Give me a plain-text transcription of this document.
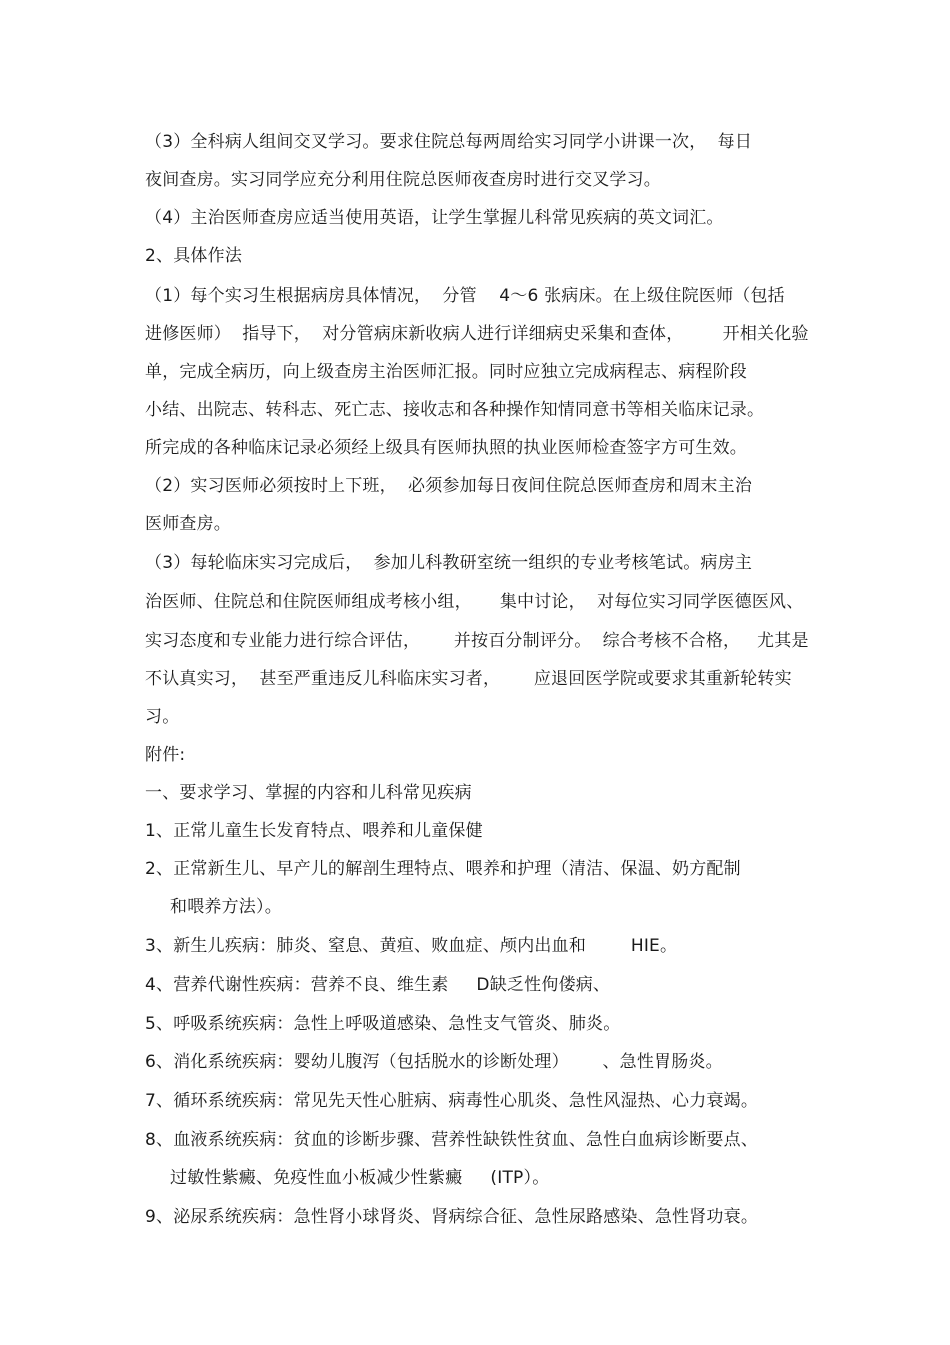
（3）全科病人组间交叉学习。要求住院总每两周给实习同学小讲课一次，  每日
夜间查房。实习同学应充分利用住院总医师夜查房时进行交叉学习。
（4）主治医师查房应适当使用英语，让学生掌握儿科常见疾病的英文词汇。
2、具体作法
（1）每个实习生根据病房具体情况，  分管    4～6 张病床。在上级住院医师（包括
进修医师）  指导下，  对分管病床新收病人进行详细病史采集和查体，       开相关化验
单，完成全病历，向上级查房主治医师汇报。同时应独立完成病程志、病程阶段
小结、出院志、转科志、死亡志、接收志和各种操作知情同意书等相关临床记录。
所完成的各种临床记录必须经上级具有医师执照的执业医师检查签字方可生效。
（2）实习医师必须按时上下班，  必须参加每日夜间住院总医师查房和周末主治
医师查房。
（3）每轮临床实习完成后，  参加儿科教研室统一组织的专业考核笔试。病房主
治医师、住院总和住院医师组成考核小组，     集中讨论，  对每位实习同学医德医风、
实习态度和专业能力进行综合评估，      并按百分制评分。  综合考核不合格，   尤其是
不认真实习，  甚至严重违反儿科临床实习者，      应退回医学院或要求其重新轮转实
习。
附件:
一、要求学习、掌握的内容和儿科常见疾病
1、正常儿童生长发育特点、喂养和儿童保健
2、正常新生儿、早产儿的解剖生理特点、喂养和护理（清洁、保温、奶方配制
和喂养方法）。
3、新生儿疾病：肺炎、窒息、黄疸、败血症、颅内出血和        HIE。
4、营养代谢性疾病：营养不良、维生素     D缺乏性佝偻病、
5、呼吸系统疾病：急性上呼吸道感染、急性支气管炎、肺炎。
6、消化系统疾病：婴幼儿腹泻（包括脱水的诊断处理）      、急性胃肠炎。
7、循环系统疾病：常见先天性心脏病、病毒性心肌炎、急性风湿热、心力衰竭。
8、血液系统疾病：贫血的诊断步骤、营养性缺铁性贫血、急性白血病诊断要点、
过敏性紫癜、免疫性血小板减少性紫癜     (ITP）。
9、泌尿系统疾病：急性肾小球肾炎、肾病综合征、急性尿路感染、急性肾功衰。
